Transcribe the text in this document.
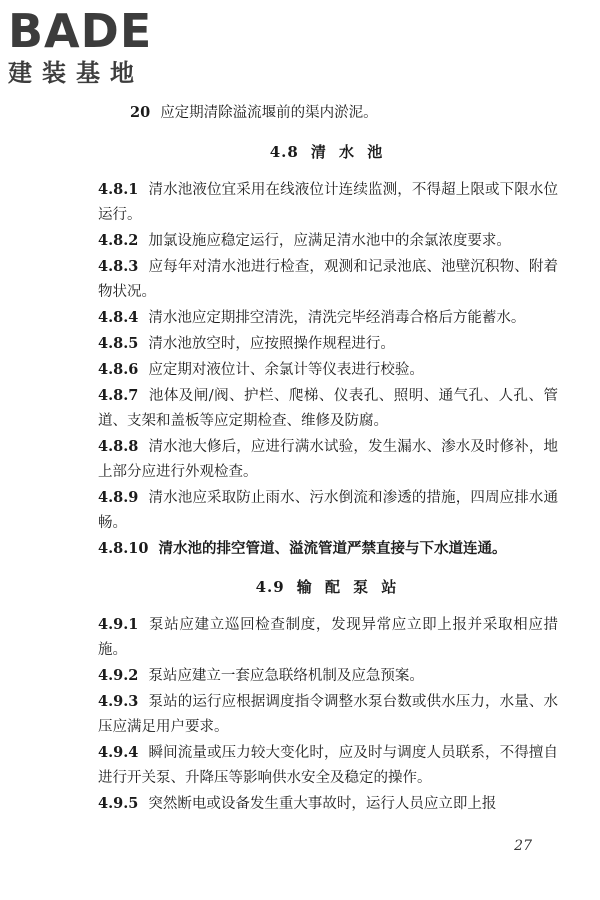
BADE
建装基地

20 应定期清除溢流堰前的渠内淤泥。

4.8 清 水 池

4.8.1 清水池液位宜采用在线液位计连续监测，不得超上限或下限水位运行。

4.8.2 加氯设施应稳定运行，应满足清水池中的余氯浓度要求。

4.8.3 应每年对清水池进行检查，观测和记录池底、池壁沉积物、附着物状况。

4.8.4 清水池应定期排空清洗，清洗完毕经消毒合格后方能蓄水。

4.8.5 清水池放空时，应按照操作规程进行。

4.8.6 应定期对液位计、余氯计等仪表进行校验。

4.8.7 池体及闸/阀、护栏、爬梯、仪表孔、照明、通气孔、人孔、管道、支架和盖板等应定期检查、维修及防腐。

4.8.8 清水池大修后，应进行满水试验，发生漏水、渗水及时修补，地上部分应进行外观检查。

4.8.9 清水池应采取防止雨水、污水倒流和渗透的措施，四周应排水通畅。

4.8.10 清水池的排空管道、溢流管道严禁直接与下水道连通。

4.9 输 配 泵 站

4.9.1 泵站应建立巡回检查制度，发现异常应立即上报并采取相应措施。

4.9.2 泵站应建立一套应急联络机制及应急预案。

4.9.3 泵站的运行应根据调度指令调整水泵台数或供水压力，水量、水压应满足用户要求。

4.9.4 瞬间流量或压力较大变化时，应及时与调度人员联系，不得擅自进行开关泵、升降压等影响供水安全及稳定的操作。

4.9.5 突然断电或设备发生重大事故时，运行人员应立即上报

27
